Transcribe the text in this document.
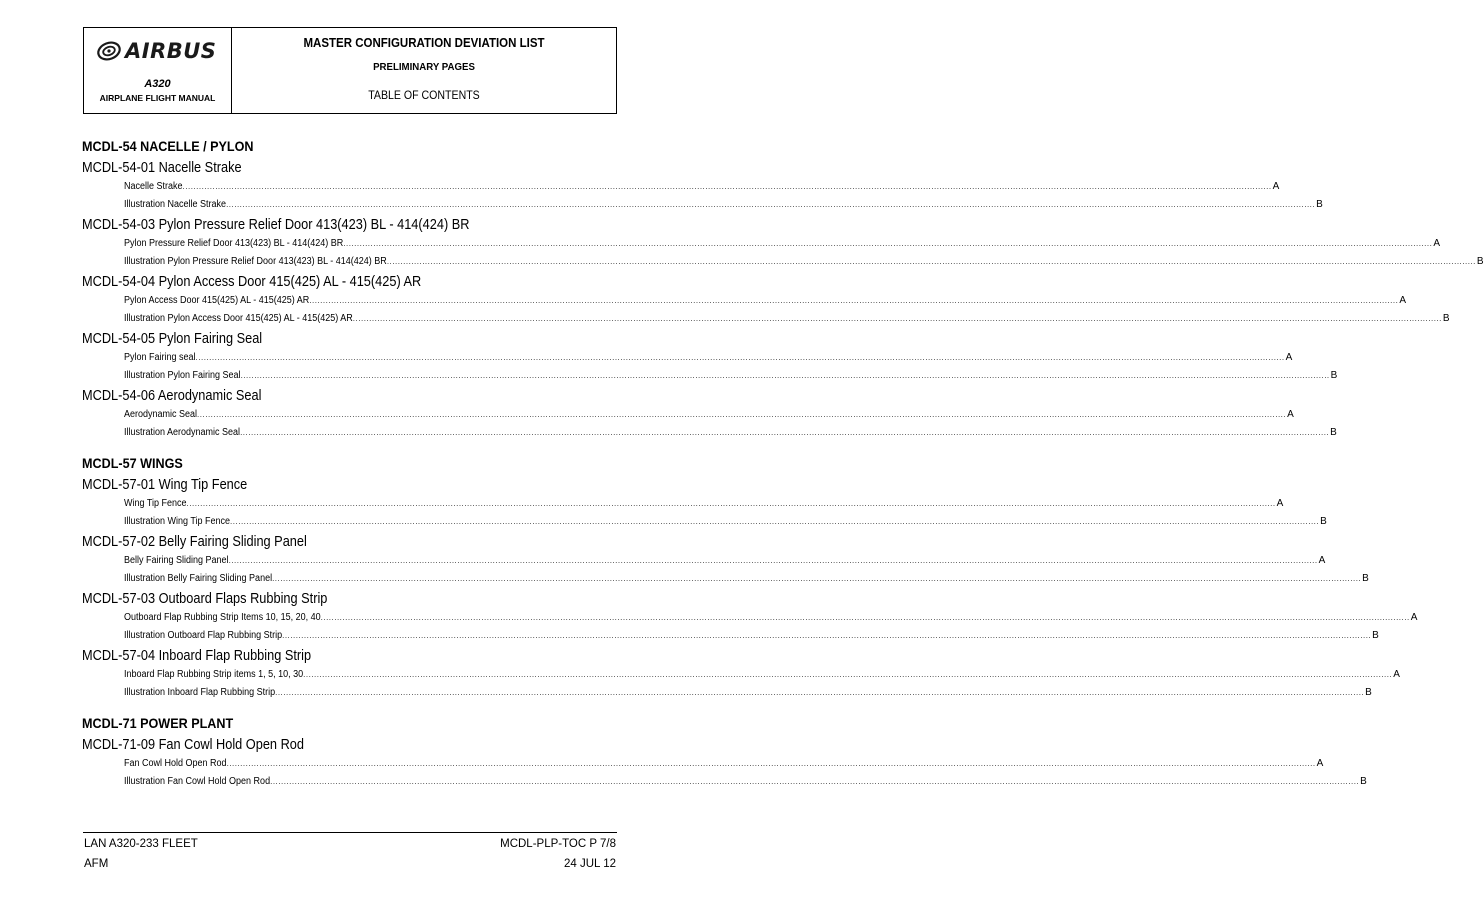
AIRBUS
A320
AIRPLANE FLIGHT MANUAL
MASTER CONFIGURATION DEVIATION LIST
PRELIMINARY PAGES
TABLE OF CONTENTS
MCDL-54 NACELLE / PYLON
MCDL-54-01 Nacelle Strake
Nacelle Strake ................................................................................................................................................................................................................................................................................................................................................................................................................ A
Illustration Nacelle Strake ................................................................................................................................................................................................................................................................................................................................................................................................................ B
MCDL-54-03 Pylon Pressure Relief Door 413(423) BL - 414(424) BR
Pylon Pressure Relief Door 413(423) BL - 414(424) BR ................................................................................................................................................................................................................................................................................................................................................................................................................ A
Illustration Pylon Pressure Relief Door 413(423) BL - 414(424) BR ................................................................................................................................................................................................................................................................................................................................................................................................................ B
MCDL-54-04 Pylon Access Door 415(425) AL - 415(425) AR
Pylon Access Door 415(425) AL - 415(425) AR ................................................................................................................................................................................................................................................................................................................................................................................................................ A
Illustration Pylon Access Door 415(425) AL - 415(425) AR ................................................................................................................................................................................................................................................................................................................................................................................................................ B
MCDL-54-05 Pylon Fairing Seal
Pylon Fairing seal ................................................................................................................................................................................................................................................................................................................................................................................................................ A
Illustration Pylon Fairing Seal ................................................................................................................................................................................................................................................................................................................................................................................................................ B
MCDL-54-06 Aerodynamic Seal
Aerodynamic Seal ................................................................................................................................................................................................................................................................................................................................................................................................................ A
Illustration Aerodynamic Seal ................................................................................................................................................................................................................................................................................................................................................................................................................ B
MCDL-57 WINGS
MCDL-57-01 Wing Tip Fence
Wing Tip Fence ................................................................................................................................................................................................................................................................................................................................................................................................................ A
Illustration Wing Tip Fence ................................................................................................................................................................................................................................................................................................................................................................................................................ B
MCDL-57-02 Belly Fairing Sliding Panel
Belly Fairing Sliding Panel ................................................................................................................................................................................................................................................................................................................................................................................................................ A
Illustration Belly Fairing Sliding Panel ................................................................................................................................................................................................................................................................................................................................................................................................................ B
MCDL-57-03 Outboard Flaps Rubbing Strip
Outboard Flap Rubbing Strip Items 10, 15, 20, 40 ................................................................................................................................................................................................................................................................................................................................................................................................................ A
Illustration Outboard Flap Rubbing Strip ................................................................................................................................................................................................................................................................................................................................................................................................................ B
MCDL-57-04 Inboard Flap Rubbing Strip
Inboard Flap Rubbing Strip items 1, 5, 10, 30 ................................................................................................................................................................................................................................................................................................................................................................................................................ A
Illustration Inboard Flap Rubbing Strip ................................................................................................................................................................................................................................................................................................................................................................................................................ B
MCDL-71 POWER PLANT
MCDL-71-09 Fan Cowl Hold Open Rod
Fan Cowl Hold Open Rod ................................................................................................................................................................................................................................................................................................................................................................................................................ A
Illustration Fan Cowl Hold Open Rod ................................................................................................................................................................................................................................................................................................................................................................................................................ B
LAN A320-233 FLEET
AFM
MCDL-PLP-TOC P 7/8
24 JUL 12
